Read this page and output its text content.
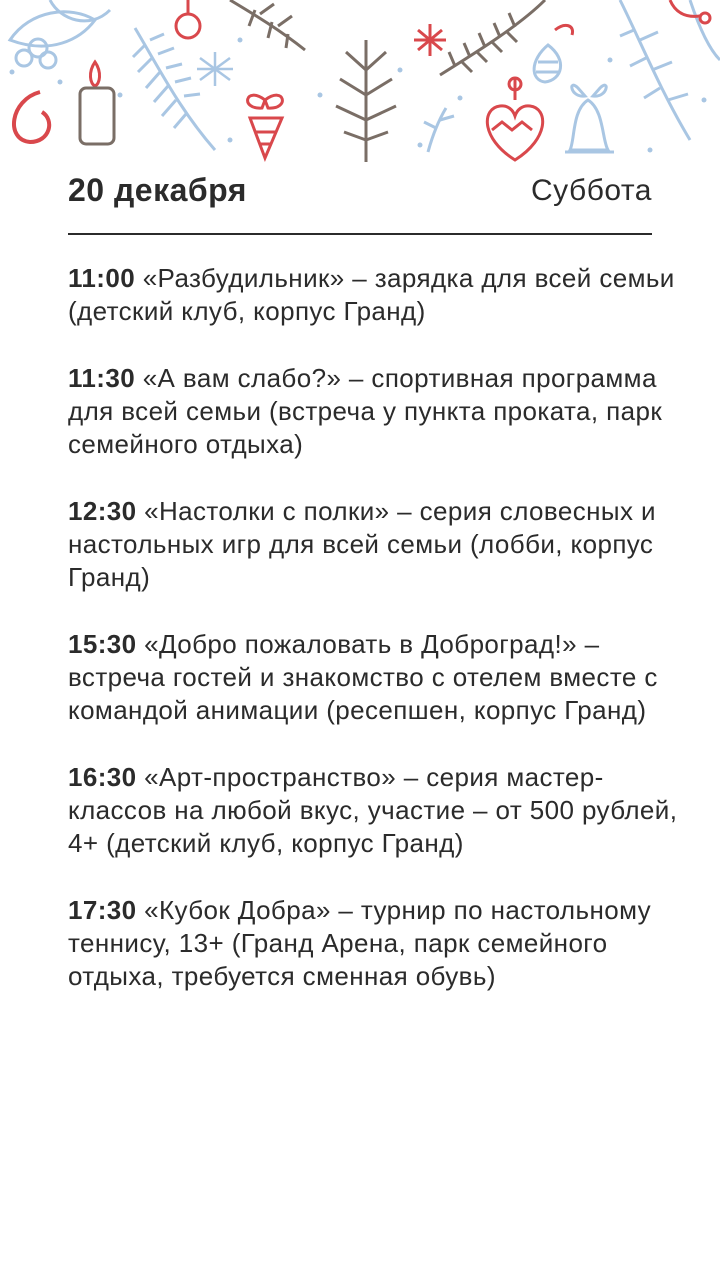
20 декабря	Суббота

11:00 «Разбудильник» – зарядка для всей семьи (детский клуб, корпус Гранд)

11:30 «А вам слабо?» – спортивная программа для всей семьи (встреча у пункта проката, парк семейного отдыха)

12:30 «Настолки с полки» – серия словесных и настольных игр для всей семьи (лобби, корпус Гранд)

15:30 «Добро пожаловать в Доброград!» – встреча гостей и знакомство с отелем вместе с командой анимации (ресепшен, корпус Гранд)

16:30 «Арт-пространство» – серия мастер-классов на любой вкус, участие – от 500 рублей, 4+ (детский клуб, корпус Гранд)

17:30 «Кубок Добра» – турнир по настольному теннису, 13+ (Гранд Арена, парк семейного отдыха, требуется сменная обувь)
